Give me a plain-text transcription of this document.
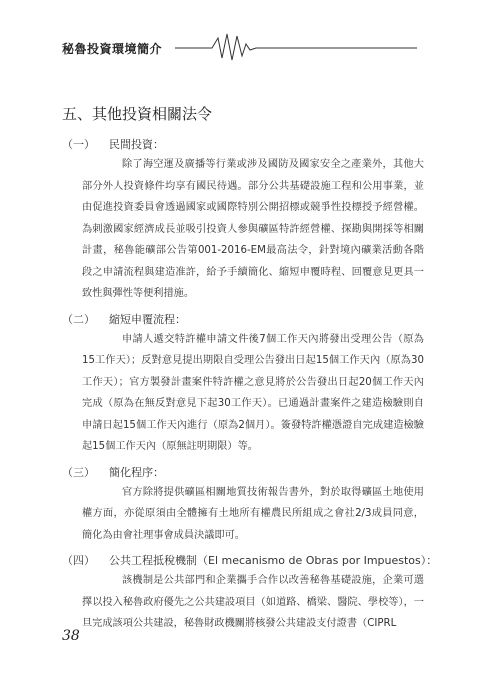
秘魯投資環境簡介
五、其他投資相關法令
（一） 民間投資：
除了海空運及廣播等行業或涉及國防及國家安全之產業外，其他大部分外人投資條件均享有國民待遇。部分公共基礎設施工程和公用事業，並由促進投資委員會透過國家或國際特別公開招標或競爭性投標授予經營權。為刺激國家經濟成長並吸引投資人參與礦區特許經營權、探勘與開採等相關計畫，秘魯能礦部公告第001-2016-EM最高法令，針對境內礦業活動各階段之申請流程與建造准許，給予手續簡化、縮短申覆時程、回覆意見更具一致性與彈性等便利措施。
（二） 縮短申覆流程：
申請人遞交特許權申請文件後7個工作天內將發出受理公告（原為15工作天）；反對意見提出期限自受理公告發出日起15個工作天內（原為30工作天）；官方製發計畫案件特許權之意見將於公告發出日起20個工作天內完成（原為在無反對意見下起30工作天）。已通過計畫案件之建造檢驗則自申請日起15個工作天內進行（原為2個月）。簽發特許權憑證自完成建造檢驗起15個工作天內（原無註明期限）等。
（三） 簡化程序：
官方除將提供礦區相關地質技術報告書外，對於取得礦區土地使用權方面，亦從原須由全體擁有土地所有權農民所組成之會社2/3成員同意，簡化為由會社理事會成員決議即可。
（四） 公共工程抵稅機制（El mecanismo de Obras por Impuestos）：
該機制是公共部門和企業攜手合作以改善秘魯基礎設施，企業可選擇以投入秘魯政府優先之公共建設項目（如道路、橋梁、醫院、學校等），一旦完成該項公共建設，秘魯財政機關將核發公共建設支付證書（CIPRL
38
